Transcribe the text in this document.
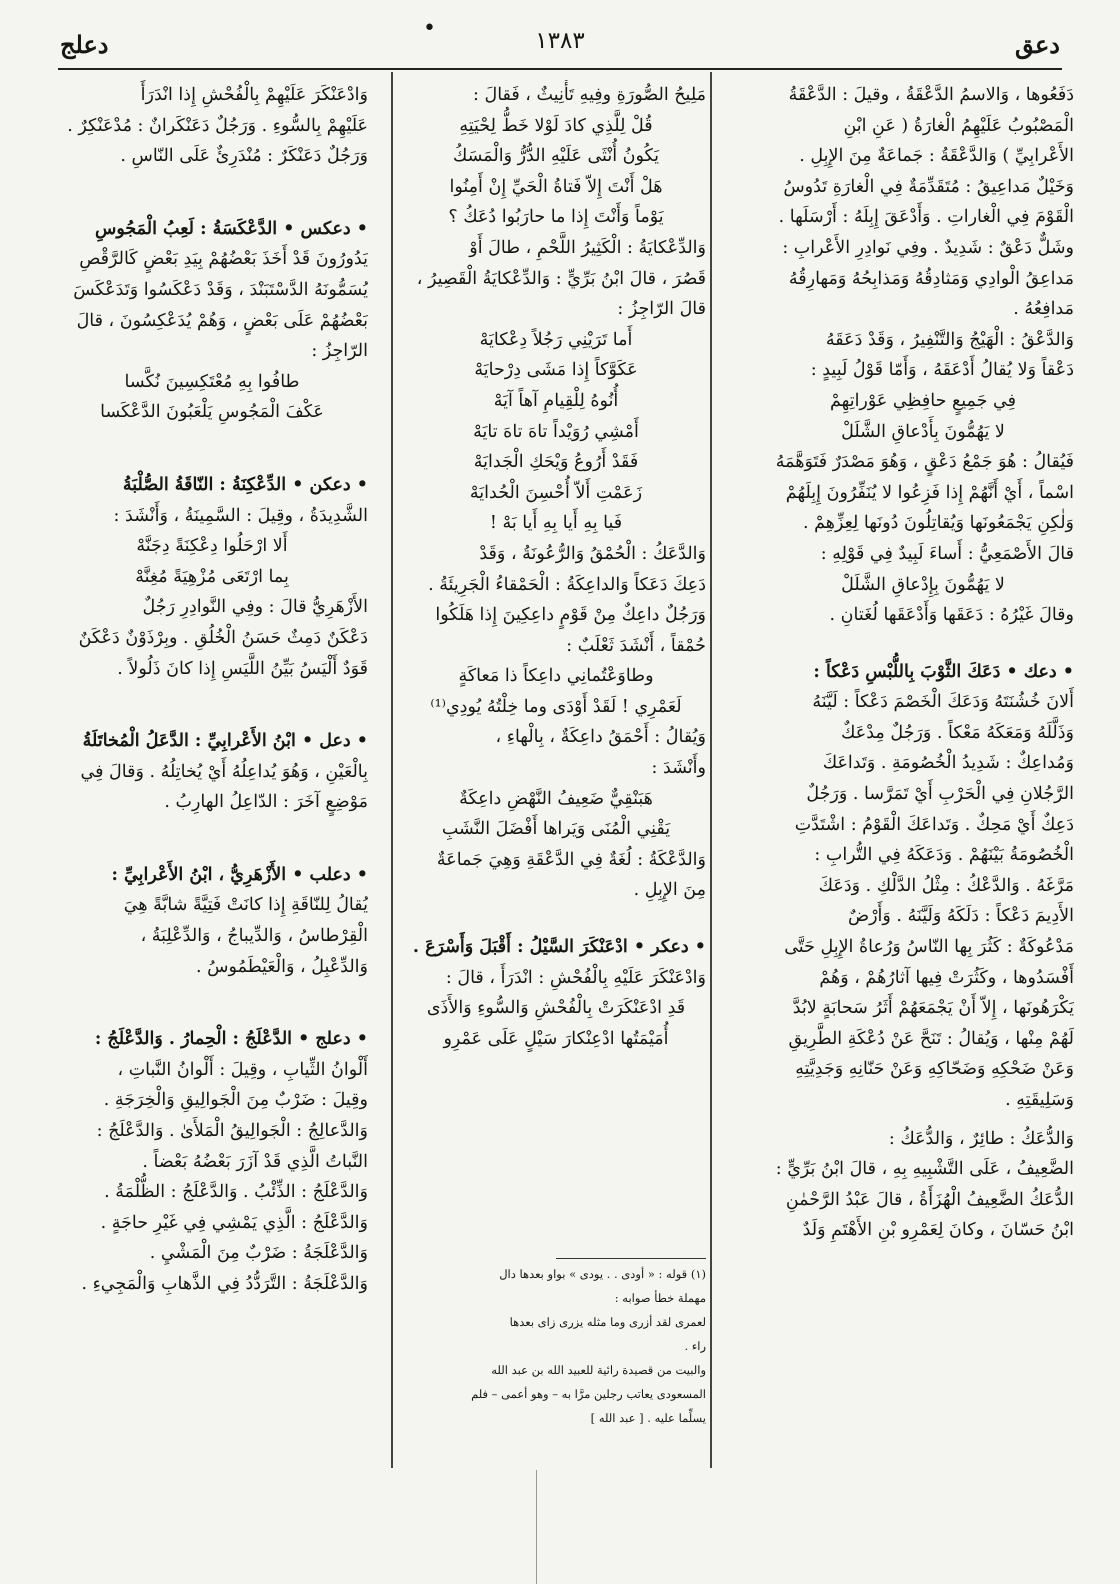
دعق
١٣٨٣
•
دعلج

دَفَعُوها ، وَالاسمُ الدَّعْقَةُ ، وقيلَ : الدَّعْقَةُ

الْمَصْبُوبُ عَلَيْهِمُ الْغارَةُ ( عَنِ ابْنِ

الأَعْرابِيِّ ) وَالدَّعْقَةُ : جَماعَةٌ مِنَ الإِبِلِ .

وَخَيْلٌ مَداعِيقُ : مُتَقَدِّمَةٌ فِي الْغارَةِ تَدُوسُ

الْقَوْمَ فِي الْغاراتِ . وَأَدْعَقَ إِبِلَهُ : أَرْسَلَها .

وشَلٌّ دَعْقٌ : شَدِيدٌ . وفِي نَوادِرِ الأَعْرابِ :

مَداعِقُ الْوادِي وَمَثادِقُهُ وَمَذابِحُهُ وَمَهارِقُهُ

مَدافِعُهُ .

وَالدَّعْقُ : الْهَيْجُ وَالتَّنْفِيرُ ، وَقَدْ دَعَقَهُ

دَعْقاً وَلا يُقالُ أَدْعَقَهُ ، وَأَمّا قَوْلُ لَبِيدٍ :

فِي جَمِيعٍ حافِظِي عَوْراتِهِمْ

لا يَهُمُّونَ بِأَدْعاقِ الشَّلَلْ

فَيُقالُ : هُوَ جَمْعُ دَعْقٍ ، وَهُوَ مَصْدَرٌ فَتَوَهَّمَهُ

اسْماً ، أَيْ أَنَّهُمْ إِذا فَزِعُوا لا يُنَفِّرُونَ إِبِلَهُمْ

وَلٰكِنِ يَجْمَعُونَها وَيُقاتِلُونَ دُونَها لِعِزِّهِمْ .

قالَ الأَصْمَعِيُّ : أَساءَ لَبِيدٌ فِي قَوْلِهِ :

لا يَهُمُّونَ بِإِدْعاقِ الشَّلَلْ

وقالَ غَيْرُهُ : دَعَقَها وَأَدْعَقَها لُغَتانِ .

• دعك • دَعَكَ الثَّوْبَ بِاللُّبْسِ دَعْكاً :

أَلانَ خُشُنَتَهُ وَدَعَكَ الْخَصْمَ دَعْكاً : لَيَّنَهُ

وَذَلَّلَهُ وَمَعَكَهُ مَعْكاً . وَرَجُلٌ مِدْعَكٌ

وَمُداعِكٌ : شَدِيدُ الْخُصُومَةِ . وَتَداعَكَ

الرَّجُلانِ فِي الْحَرْبِ أَيْ تَمَرَّسا . وَرَجُلٌ

دَعِكٌ أَيْ مَحِكٌ . وَتَداعَكَ الْقَوْمُ : اشْتَدَّتِ

الْخُصُومَةُ بَيْنَهُمْ . وَدَعَكَهُ فِي التُّرابِ :

مَرَّغَهُ . وَالدَّعْكُ : مِثْلُ الدَّلْكِ . وَدَعَكَ

الأَدِيمَ دَعْكاً : دَلَكَهُ وَلَيَّنَهُ . وَأَرْضٌ

مَدْعُوكَةٌ : كَثُرَ بِها النّاسُ وَرُعاةُ الإِبِلِ حَتَّى

أَفْسَدُوها ، وكَثُرَتْ فِيها آثارُهُمْ ، وَهُمْ

يَكْرَهُونَها ، إِلاّ أَنْ يَجْمَعَهُمْ أَثَرُ سَحابَةٍ لابُدَّ

لَهُمْ مِنْها ، وَيُقالُ : تَنَحَّ عَنْ دُعْكَةِ الطَّرِيقِ

وَعَنْ ضَحْكِهِ وَضَحّاكِهِ وَعَنْ حَنّانِهِ وَجَدِيَّتِهِ

وَسَلِيقَتِهِ .

وَالدُّعَكُ : طائِرٌ ، وَالدُّعَكُ :

الضَّعِيفُ ، عَلَى التَّشْبِيهِ بِهِ ، قالَ ابْنُ بَرِّيٍّ :

الدُّعَكُ الضَّعِيفُ الْهُزَأَةُ ، قالَ عَبْدُ الرَّحْمٰنِ

ابْنُ حَسّانَ ، وكانَ لِعَمْرِو بْنِ الأَهْتَمِ وَلَدٌ

مَلِيحُ الصُّورَةِ وفِيهِ تَأْنِيثٌ ، فَقالَ :

قُلْ لِلَّذِي كادَ لَوْلا خَطُّ لِحْيَتِهِ

يَكُونُ أُنْثَى عَلَيْهِ الدُّرُّ وَالْمَسَكُ

هَلْ أَنْتَ إِلاّ فَتاةُ الْحَيِّ إِنْ أَمِنُوا

يَوْماً وَأَنْتَ إِذا ما حارَبُوا دُعَكُ ؟

وَالدِّعْكايَةُ : الْكَثِيرُ اللَّحْمِ ، طالَ أَوْ

قَصُرَ ، قالَ ابْنُ بَرِّيٍّ : وَالدِّعْكايَةُ الْقَصِيرُ ،

قالَ الرّاجِزُ :

أَما تَرَيْنِي رَجُلاً دِعْكايَهْ

عَكَوَّكاً إِذا مَشَى دِرْحايَهْ

أُنُوهُ لِلْقِيامِ آهاً آيَهْ

أَمْشِي رُوَيْداً تاهَ تاهَ تايَهْ

فَقَدْ أَرُوعُ وَيْحَكِ الْجَدايَهْ

زَعَمْتِ أَلاّ أُحْسِنَ الْحُدايَهْ

فَيا بِهِ أَيا بِهِ أَيا بَهْ !

وَالدَّعَكُ : الْحُمْقُ وَالرُّعُونَةُ ، وَقَدْ

دَعِكَ دَعَكاً وَالداعِكَةُ : الْحَمْقاءُ الْجَرِيئَةُ .

وَرَجُلٌ داعِكٌ مِنْ قَوْمٍ داعِكِينَ إِذا هَلَكُوا

حُمْقاً ، أَنْشَدَ ثَعْلَبٌ :

وطاوَعْتُمانِي داعِكاً ذا مَعاكَةٍ

لَعَمْرِي ! لَقَدْ أَوْدَى وما خِلْتُهُ يُودِي⁽¹⁾

وَيُقالُ : أَحْمَقُ داعِكَةٌ ، بِالْهاءِ ،

وأَنْشَدَ :

هَبَنْقِيٌّ ضَعِيفُ النَّهْضِ داعِكَةٌ

يَقْنِي الْمُنَى وَيَراها أَفْضَلَ النَّشَبِ

وَالدَّعْكَةُ : لُغَةٌ فِي الدَّعْقَةِ وَهِيَ جَماعَةٌ

مِنَ الإِبِلِ .

• دعكر • ادْعَنْكَرَ السَّيْلُ : أَقْبَلَ وَأَسْرَعَ .

وَادْعَنْكَرَ عَلَيْهِ بِالْفُحْشِ : انْدَرَأَ ، قالَ :

قَدِ ادْعَنْكَرَتْ بِالْفُحْشِ وَالسُّوءِ وَالأَذَى

أُمَيْمَتُها ادْعِنْكارَ سَيْلٍ عَلَى عَمْرِو

(١) قوله : « أودى . . يودى » بواو بعدها دال

مهملة خطأ صوابه :

لعمرى لقد أزرى وما مثله يزرى زاى بعدها

راء .

والبيت من قصيدة رائية للعبيد الله بن عبد الله

المسعودى يعاتب رجلين مرَّا به – وهو أعمى – فلم

يسلِّما عليه . [ عبد الله ]

وَادْعَنْكَرَ عَلَيْهِمْ بِالْفُحْشِ إِذا انْدَرَأَ

عَلَيْهِمْ بِالسُّوءِ . وَرَجُلٌ دَعَنْكَرانٌ : مُدْعَنْكِرٌ .

وَرَجُلٌ دَعَنْكَرٌ : مُنْدَرِئٌ عَلَى النّاسِ .

• دعكس • الدَّعْكَسَةُ : لَعِبُ الْمَجُوسِ

يَدُورُونَ قَدْ أَخَذَ بَعْضُهُمْ بِيَدِ بَعْضٍ كَالرَّقْصِ

يُسَمُّونَهُ الدَّسْتَبَنْدَ ، وَقَدْ دَعْكَسُوا وَتَدَعْكَسَ

بَعْضُهُمْ عَلَى بَعْضٍ ، وَهُمْ يُدَعْكِسُونَ ، قالَ

الرّاجِزُ :

طافُوا بِهِ مُعْتَكِسِينَ نُكَّسا

عَكْفَ الْمَجُوسِ يَلْعَبُونَ الدَّعْكَسا

• دعكن • الدِّعْكِنَةُ : النّاقَةُ الصُّلْبَةُ

الشَّدِيدَةُ ، وقِيلَ : السَّمِينَةُ ، وَأَنْشَدَ :

أَلا ارْحَلُوا دِعْكِنَةً دِجَنَّهْ

بِما ارْتَعَى مُزْهِيَةً مُغِنَّهْ

الأَزْهَرِيُّ قالَ : وفِي النَّوادِرِ رَجُلٌ

دَعْكَنٌ دَمِثٌ حَسَنُ الْخُلُقِ . وبِرْذَوْنٌ دَعْكَنٌ

قَوَدٌ أَلْيَسُ بَيِّنُ اللَّيَسِ إِذا كانَ ذَلُولاً .

• دعل • ابْنُ الأَعْرابِيِّ : الدَّعَلُ الْمُخاتَلَةُ

بِالْعَيْنِ ، وَهُوَ يُداعِلُهُ أَيْ يُخاتِلُهُ . وَقالَ فِي

مَوْضِعٍ آخَرَ : الدّاعِلُ الهارِبُ .

• دعلب • الأَزْهَرِيُّ ، ابْنُ الأَعْرابِيِّ :

يُقالُ لِلنّاقَةِ إِذا كانَتْ فَتِيَّةً شابَّةً هِيَ

الْقِرْطاسُ ، وَالدِّيباجُ ، وَالدِّعْلِبَةُ ،

وَالدِّعْبِلُ ، وَالْعَيْطَمُوسُ .

• دعلج • الدَّعْلَجُ : الْحِمارُ . وَالدَّعْلَجُ :

أَلْوانُ الثِّيابِ ، وقِيلَ : أَلْوانُ النَّباتِ ،

وقِيلَ : ضَرْبٌ مِنَ الْجَوالِيقِ وَالْخِرَجَةِ .

وَالدَّعالِجُ : الْجَوالِيقُ الْمَلأَىٰ . وَالدَّعْلَجُ :

النَّباتُ الَّذِي قَدْ آزَرَ بَعْضُهُ بَعْضاً .

وَالدَّعْلَجُ : الذِّئْبُ . وَالدَّعْلَجُ : الظُّلْمَةُ .

وَالدَّعْلَجُ : الَّذِي يَمْشِي فِي غَيْرِ حاجَةٍ .

وَالدَّعْلَجَةُ : ضَرْبٌ مِنَ الْمَشْيِ .

وَالدَّعْلَجَةُ : التَّرَدُّدُ فِي الذَّهابِ وَالْمَجِيءِ .
